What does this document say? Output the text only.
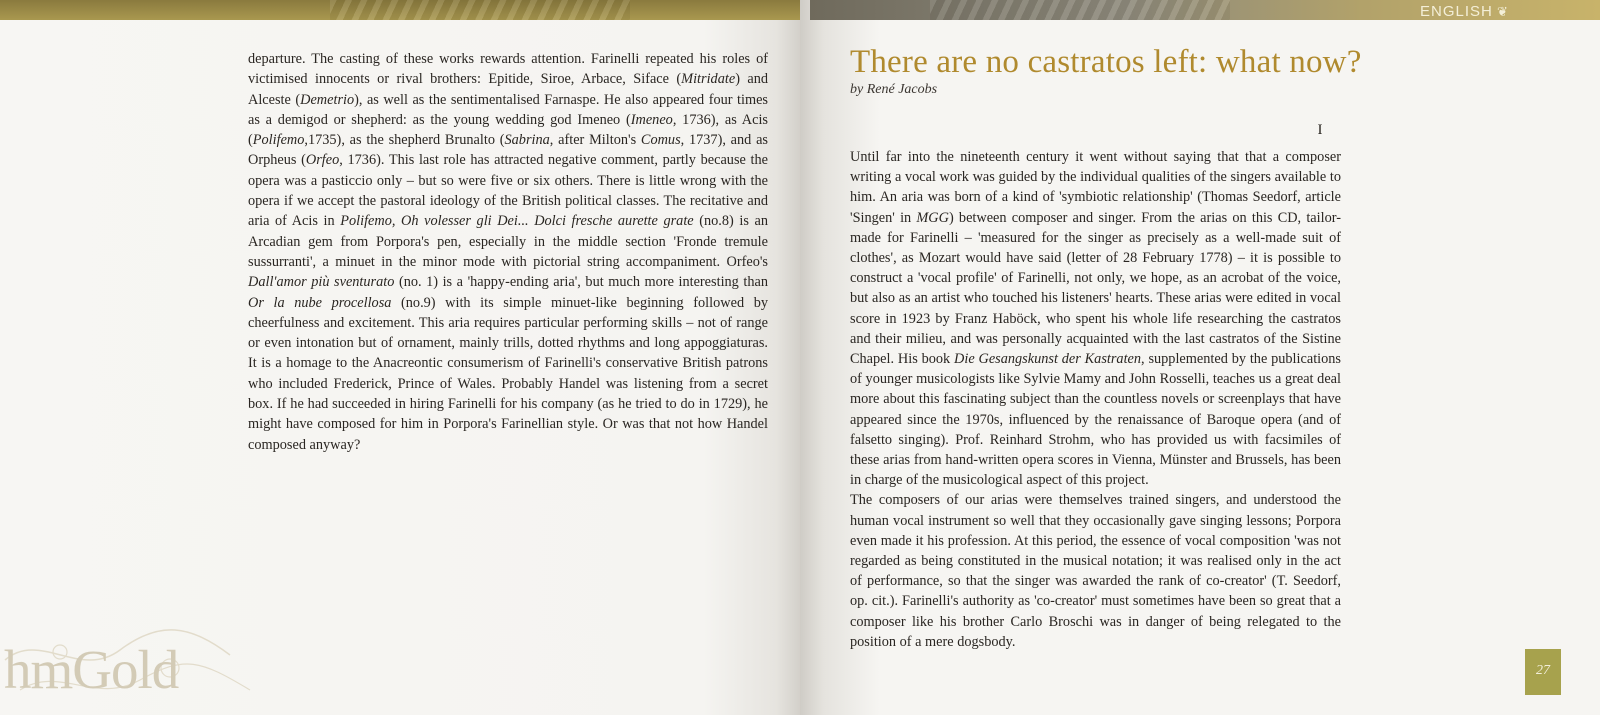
ENGLISH ❦

departure. The casting of these works rewards attention. Farinelli repeated his roles of victimised innocents or rival brothers: Epitide, Siroe, Arbace, Siface (Mitridate) and Alceste (Demetrio), as well as the sentimentalised Farnaspe. He also appeared four times as a demigod or shepherd: as the young wedding god Imeneo (Imeneo, 1736), as Acis (Polifemo,1735), as the shepherd Brunalto (Sabrina, after Milton's Comus, 1737), and as Orpheus (Orfeo, 1736). This last role has attracted negative comment, partly because the opera was a pasticcio only – but so were five or six others. There is little wrong with the opera if we accept the pastoral ideology of the British political classes. The recitative and aria of Acis in Polifemo, Oh volesser gli Dei... Dolci fresche aurette grate (no.8) is an Arcadian gem from Porpora's pen, especially in the middle section 'Fronde tremule sussurranti', a minuet in the minor mode with pictorial string accompaniment. Orfeo's Dall'amor più sventurato (no. 1) is a 'happy-ending aria', but much more interesting than Or la nube procellosa (no.9) with its simple minuet-like beginning followed by cheerfulness and excitement. This aria requires particular performing skills – not of range or even intonation but of ornament, mainly trills, dotted rhythms and long appoggiaturas. It is a homage to the Anacreontic consumerism of Farinelli's conservative British patrons who included Frederick, Prince of Wales. Probably Handel was listening from a secret box. If he had succeeded in hiring Farinelli for his company (as he tried to do in 1729), he might have composed for him in Porpora's Farinellian style. Or was that not how Handel composed anyway?

There are no castratos left: what now?
by René Jacobs
I

Until far into the nineteenth century it went without saying that that a composer writing a vocal work was guided by the individual qualities of the singers available to him. An aria was born of a kind of 'symbiotic relationship' (Thomas Seedorf, article 'Singen' in MGG) between composer and singer. From the arias on this CD, tailor-made for Farinelli – 'measured for the singer as precisely as a well-made suit of clothes', as Mozart would have said (letter of 28 February 1778) – it is possible to construct a 'vocal profile' of Farinelli, not only, we hope, as an acrobat of the voice, but also as an artist who touched his listeners' hearts. These arias were edited in vocal score in 1923 by Franz Haböck, who spent his whole life researching the castratos and their milieu, and was personally acquainted with the last castratos of the Sistine Chapel. His book Die Gesangskunst der Kastraten, supplemented by the publications of younger musicologists like Sylvie Mamy and John Rosselli, teaches us a great deal more about this fascinating subject than the countless novels or screenplays that have appeared since the 1970s, influenced by the renaissance of Baroque opera (and of falsetto singing). Prof. Reinhard Strohm, who has provided us with facsimiles of these arias from hand-written opera scores in Vienna, Münster and Brussels, has been in charge of the musicological aspect of this project.

The composers of our arias were themselves trained singers, and understood the human vocal instrument so well that they occasionally gave singing lessons; Porpora even made it his profession. At this period, the essence of vocal composition 'was not regarded as being constituted in the musical notation; it was realised only in the act of performance, so that the singer was awarded the rank of co-creator' (T. Seedorf, op. cit.). Farinelli's authority as 'co-creator' must sometimes have been so great that a composer like his brother Carlo Broschi was in danger of being relegated to the position of a mere dogsbody.

27
hmGold
